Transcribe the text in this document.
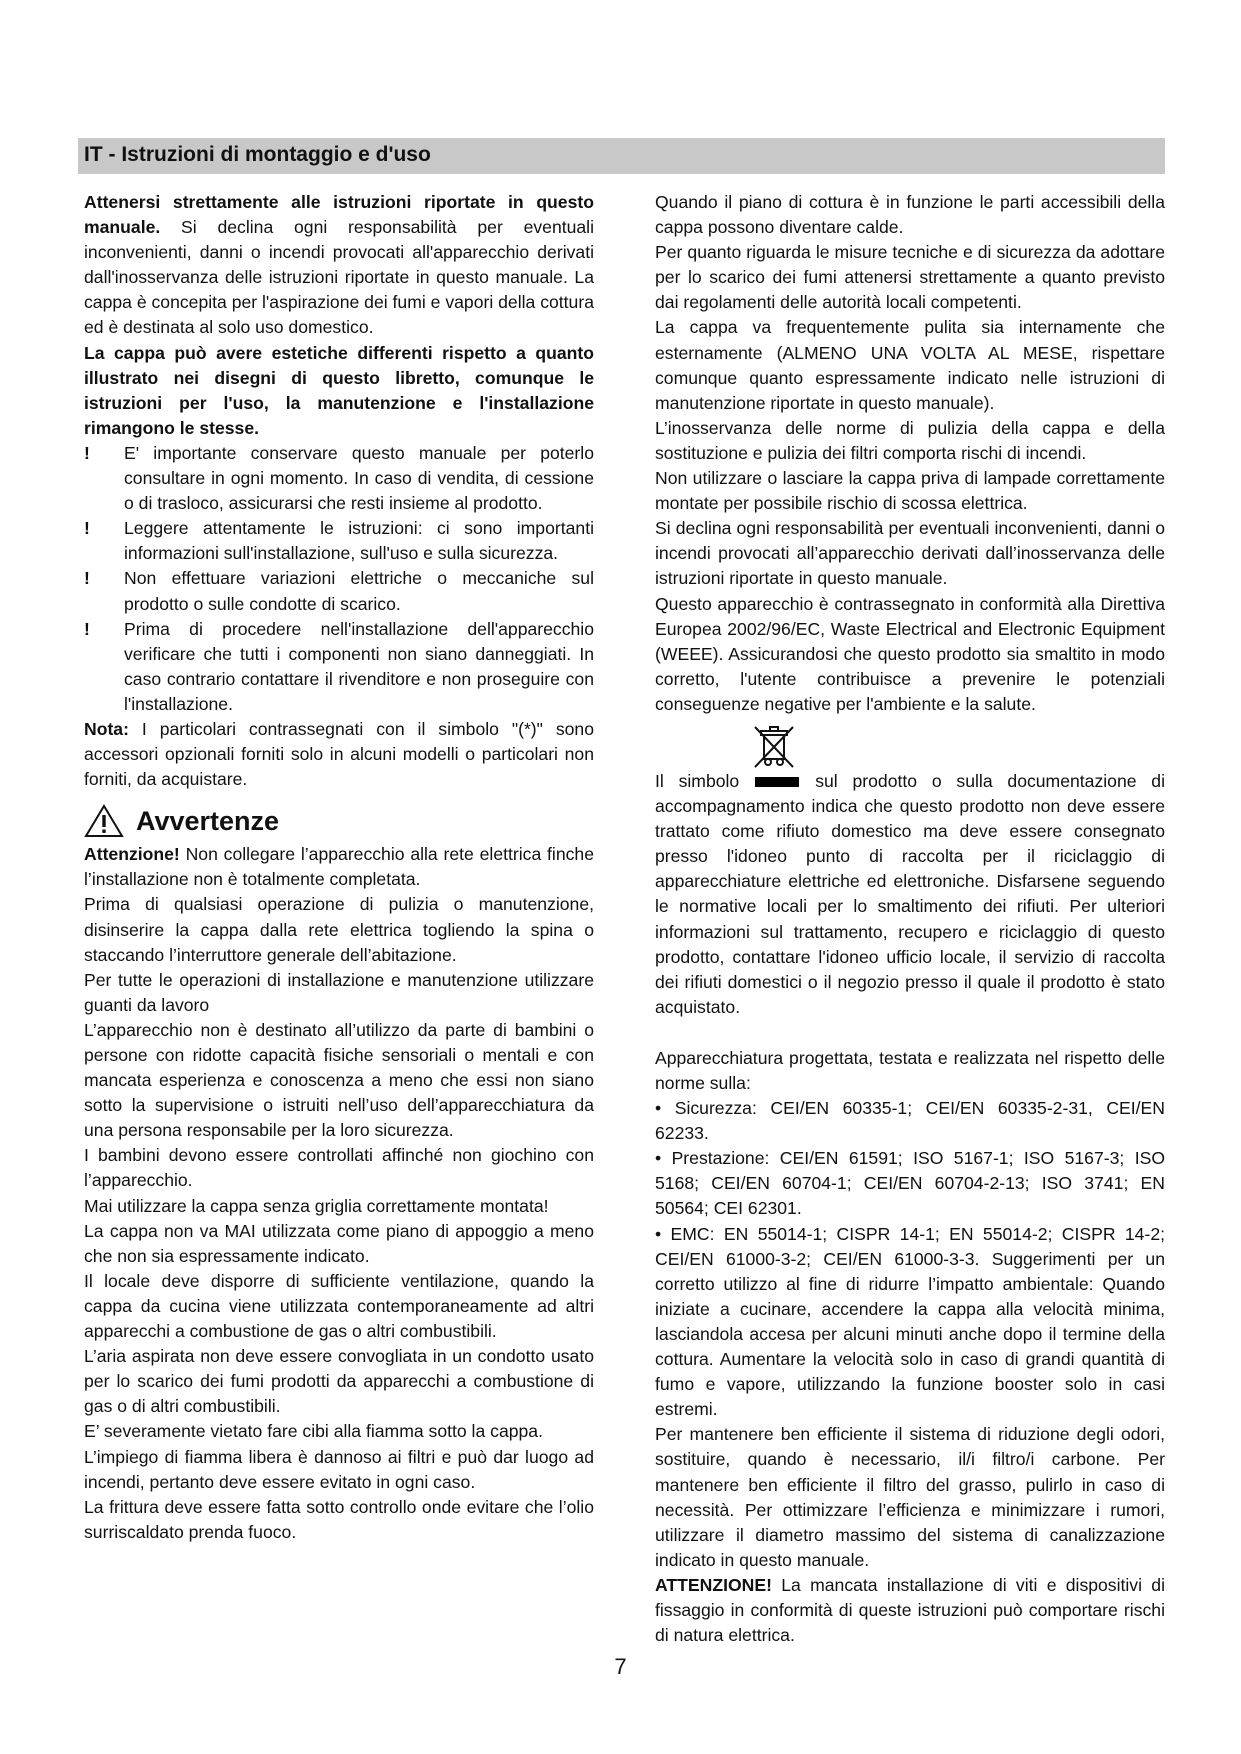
IT - Istruzioni di montaggio e d'uso

Attenersi strettamente alle istruzioni riportate in questo manuale. Si declina ogni responsabilità per eventuali inconvenienti, danni o incendi provocati all'apparecchio derivati dall'inosservanza delle istruzioni riportate in questo manuale. La cappa è concepita per l'aspirazione dei fumi e vapori della cottura ed è destinata al solo uso domestico.

La cappa può avere estetiche differenti rispetto a quanto illustrato nei disegni di questo libretto, comunque le istruzioni per l'uso, la manutenzione e l'installazione rimangono le stesse.

! E' importante conservare questo manuale per poterlo consultare in ogni momento. In caso di vendita, di cessione o di trasloco, assicurarsi che resti insieme al prodotto.

! Leggere attentamente le istruzioni: ci sono importanti informazioni sull'installazione, sull'uso e sulla sicurezza.

! Non effettuare variazioni elettriche o meccaniche sul prodotto o sulle condotte di scarico.

! Prima di procedere nell'installazione dell'apparecchio verificare che tutti i componenti non siano danneggiati. In caso contrario contattare il rivenditore e non proseguire con l'installazione.

Nota: I particolari contrassegnati con il simbolo "(*)" sono accessori opzionali forniti solo in alcuni modelli o particolari non forniti, da acquistare.

Avvertenze

Attenzione! Non collegare l’apparecchio alla rete elettrica finche l’installazione non è totalmente completata.

Prima di qualsiasi operazione di pulizia o manutenzione, disinserire la cappa dalla rete elettrica togliendo la spina o staccando l’interruttore generale dell’abitazione.

Per tutte le operazioni di installazione e manutenzione utilizzare guanti da lavoro

L’apparecchio non è destinato all’utilizzo da parte di bambini o persone con ridotte capacità fisiche sensoriali o mentali e con mancata esperienza e conoscenza a meno che essi non siano sotto la supervisione o istruiti nell’uso dell’apparecchiatura da una persona responsabile per la loro sicurezza.

I bambini devono essere controllati affinché non giochino con l’apparecchio.

Mai utilizzare la cappa senza griglia correttamente montata!

La cappa non va MAI utilizzata come piano di appoggio a meno che non sia espressamente indicato.

Il locale deve disporre di sufficiente ventilazione, quando la cappa da cucina viene utilizzata contemporaneamente ad altri apparecchi a combustione de gas o altri combustibili.

L’aria aspirata non deve essere convogliata in un condotto usato per lo scarico dei fumi prodotti da apparecchi a combustione di gas o di altri combustibili.

E’ severamente vietato fare cibi alla fiamma sotto la cappa.

L’impiego di fiamma libera è dannoso ai filtri e può dar luogo ad incendi, pertanto deve essere evitato in ogni caso.

La frittura deve essere fatta sotto controllo onde evitare che l’olio surriscaldato prenda fuoco.

Quando il piano di cottura è in funzione le parti accessibili della cappa possono diventare calde.

Per quanto riguarda le misure tecniche e di sicurezza da adottare per lo scarico dei fumi attenersi strettamente a quanto previsto dai regolamenti delle autorità locali competenti.

La cappa va frequentemente pulita sia internamente che esternamente (ALMENO UNA VOLTA AL MESE, rispettare comunque quanto espressamente indicato nelle istruzioni di manutenzione riportate in questo manuale).

L’inosservanza delle norme di pulizia della cappa e della sostituzione e pulizia dei filtri comporta rischi di incendi.

Non utilizzare o lasciare la cappa priva di lampade correttamente montate per possibile rischio di scossa elettrica.

Si declina ogni responsabilità per eventuali inconvenienti, danni o incendi provocati all’apparecchio derivati dall’inosservanza delle istruzioni riportate in questo manuale.

Questo apparecchio è contrassegnato in conformità alla Direttiva Europea 2002/96/EC, Waste Electrical and Electronic Equipment (WEEE). Assicurandosi che questo prodotto sia smaltito in modo corretto, l'utente contribuisce a prevenire le potenziali conseguenze negative per l'ambiente e la salute.

Il simbolo	sul prodotto o sulla documentazione di accompagnamento indica che questo prodotto non deve essere trattato come rifiuto domestico ma deve essere consegnato presso l'idoneo punto di raccolta per il riciclaggio di apparecchiature elettriche ed elettroniche. Disfarsene seguendo le normative locali per lo smaltimento dei rifiuti. Per ulteriori informazioni sul trattamento, recupero e riciclaggio di questo prodotto, contattare l'idoneo ufficio locale, il servizio di raccolta dei rifiuti domestici o il negozio presso il quale il prodotto è stato acquistato.

Apparecchiatura progettata, testata e realizzata nel rispetto delle norme sulla:

• Sicurezza: CEI/EN 60335-1; CEI/EN 60335-2-31, CEI/EN 62233.

• Prestazione: CEI/EN 61591; ISO 5167-1; ISO 5167-3; ISO 5168; CEI/EN 60704-1; CEI/EN 60704-2-13; ISO 3741; EN 50564; CEI 62301.

• EMC: EN 55014-1; CISPR 14-1; EN 55014-2; CISPR 14-2; CEI/EN 61000-3-2; CEI/EN 61000-3-3. Suggerimenti per un corretto utilizzo al fine di ridurre l’impatto ambientale: Quando iniziate a cucinare, accendere la cappa alla velocità minima, lasciandola accesa per alcuni minuti anche dopo il termine della cottura. Aumentare la velocità solo in caso di grandi quantità di fumo e vapore, utilizzando la funzione booster solo in casi estremi.

Per mantenere ben efficiente il sistema di riduzione degli odori, sostituire, quando è necessario, il/i filtro/i carbone. Per mantenere ben efficiente il filtro del grasso, pulirlo in caso di necessità. Per ottimizzare l’efficienza e minimizzare i rumori, utilizzare il diametro massimo del sistema di canalizzazione indicato in questo manuale.

ATTENZIONE! La mancata installazione di viti e dispositivi di fissaggio in conformità di queste istruzioni può comportare rischi di natura elettrica.

7
